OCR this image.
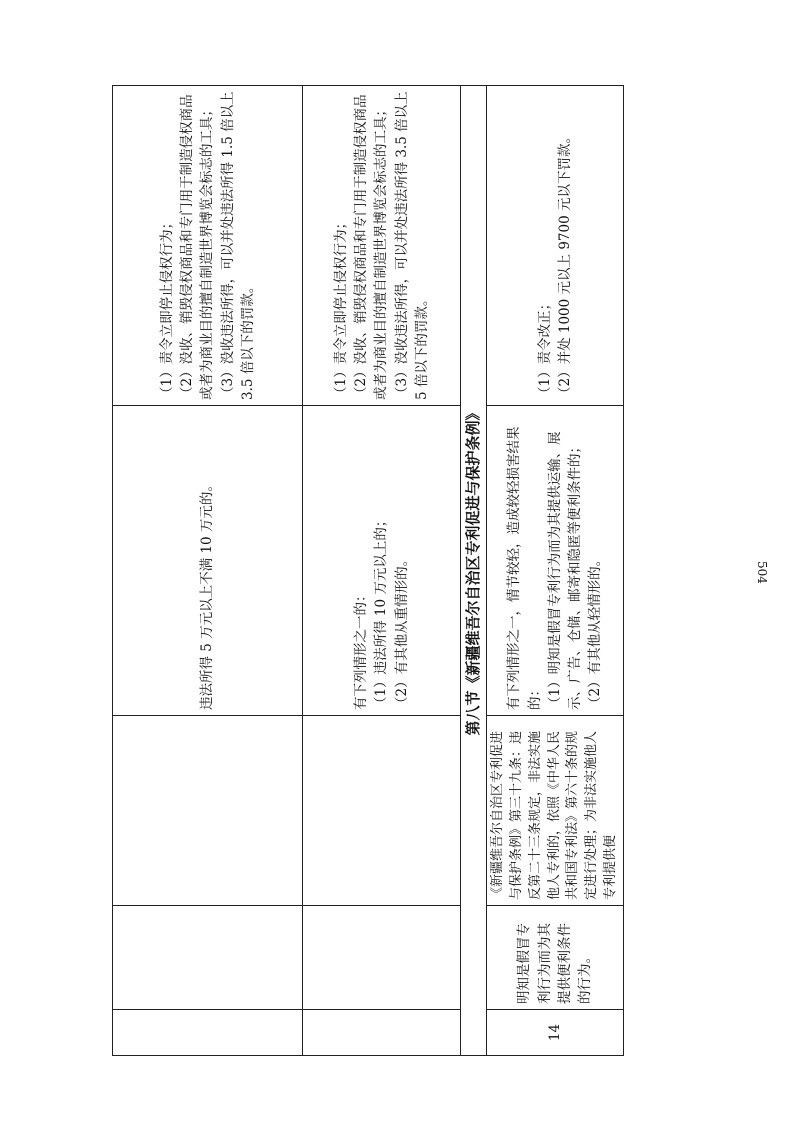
			违法所得 5 万元以上不满 10 万元的。	（1）责令立即停止侵权行为； （2）没收、销毁侵权商品和专门用于制造侵权商品或者为商业目的擅自制造世界博览会标志的工具； （3）没收违法所得，可以并处违法所得 1.5 倍以上 3.5 倍以下的罚款。

			有下列情形之一的： （1）违法所得 10 万元以上的； （2）有其他从重情形的。	（1）责令立即停止侵权行为； （2）没收、销毁侵权商品和专门用于制造侵权商品或者为商业目的擅自制造世界博览会标志的工具； （3）没收违法所得，可以并处违法所得 3.5 倍以上 5 倍以下的罚款。

第八节《新疆维吾尔自治区专利促进与保护条例》				
14	明知是假冒专利行为而为其提供便利条件的行为。	《新疆维吾尔自治区专利促进与保护条例》第三十九条：违反第二十三条规定，非法实施他人专利的，依照《中华人民共和国专利法》第六十条的规定进行处理；为非法实施他人专利提供便	有下列情形之一，情节较轻，造成较轻损害结果的： （1）明知是假冒专利行为而为其提供运输、展示、广告、仓储、邮寄和隐匿等便利条件的； （2）有其他从轻情形的。	（1）责令改正； （2）并处 1000 元以上 9700 元以下罚款。
504
